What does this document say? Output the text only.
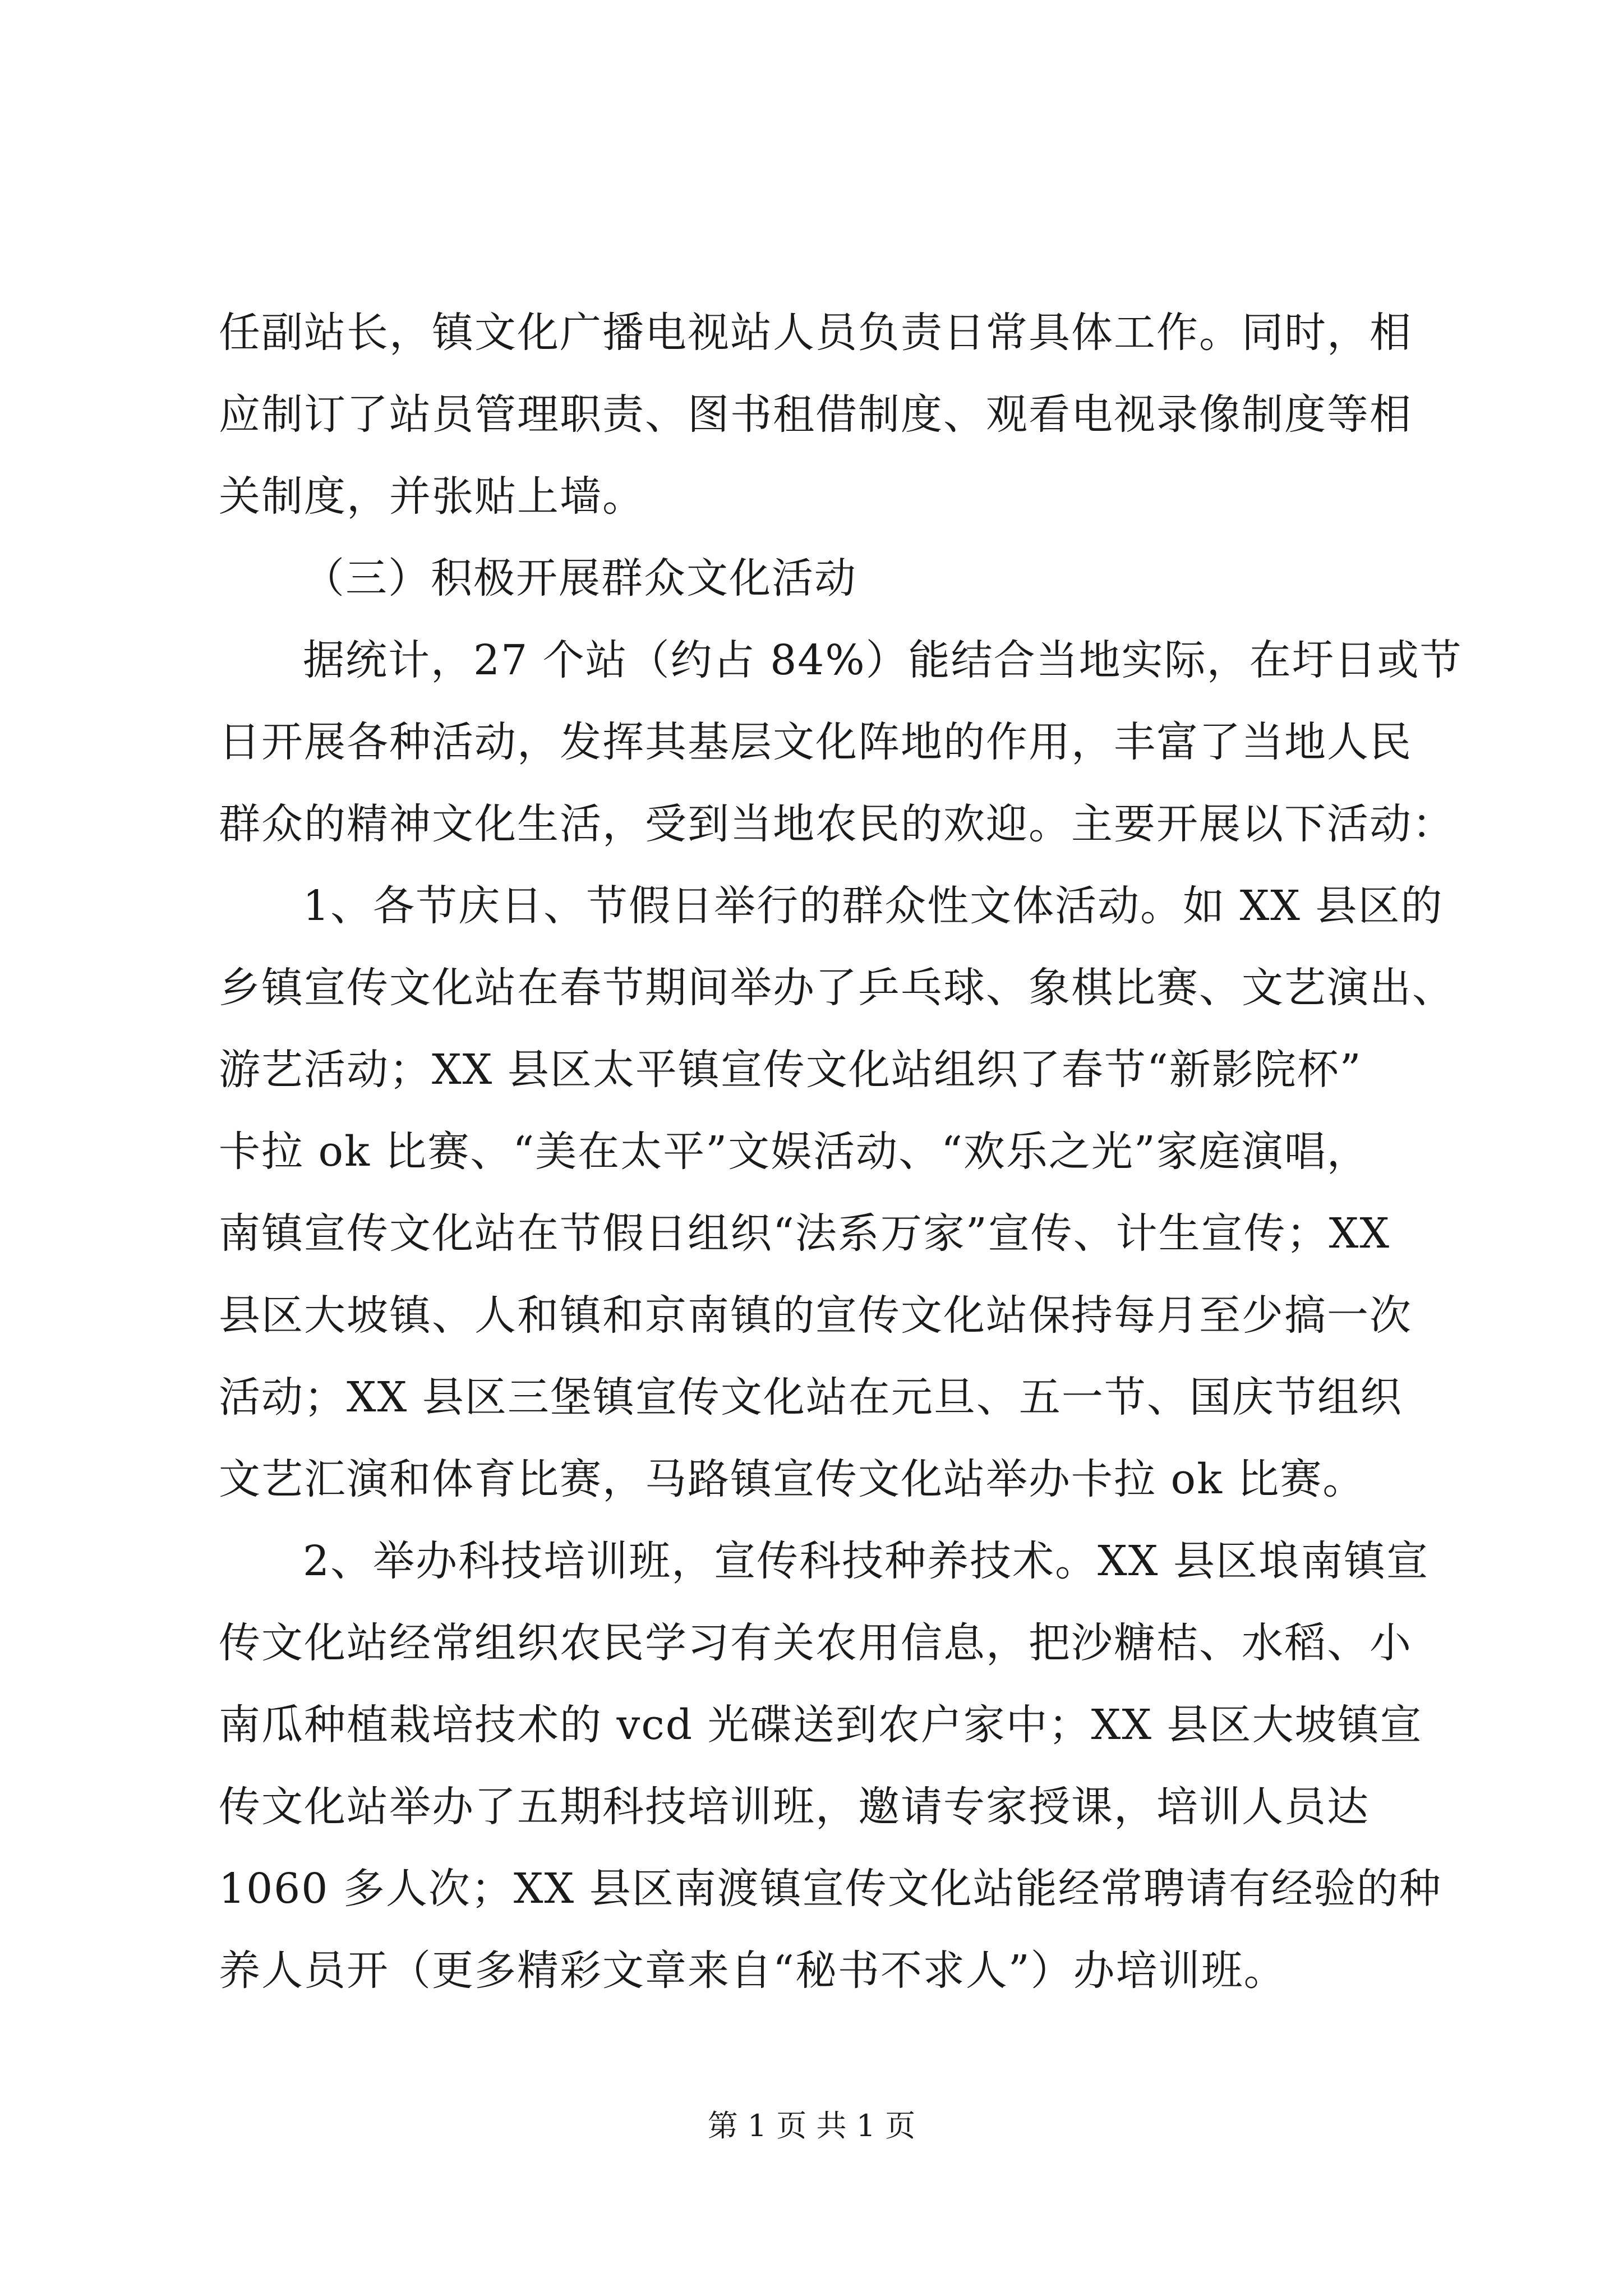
任副站长，镇文化广播电视站人员负责日常具体工作。同时，相
应制订了站员管理职责、图书租借制度、观看电视录像制度等相
关制度，并张贴上墙。
（三）积极开展群众文化活动
据统计，27 个站（约占 84%）能结合当地实际，在圩日或节
日开展各种活动，发挥其基层文化阵地的作用，丰富了当地人民
群众的精神文化生活，受到当地农民的欢迎。主要开展以下活动：
1、各节庆日、节假日举行的群众性文体活动。如 XX 县区的
乡镇宣传文化站在春节期间举办了乒乓球、象棋比赛、文艺演出、
游艺活动；XX 县区太平镇宣传文化站组织了春节“新影院杯”
卡拉 ok 比赛、“美在太平”文娱活动、“欢乐之光”家庭演唱，
南镇宣传文化站在节假日组织“法系万家”宣传、计生宣传；XX
县区大坡镇、人和镇和京南镇的宣传文化站保持每月至少搞一次
活动；XX 县区三堡镇宣传文化站在元旦、五一节、国庆节组织
文艺汇演和体育比赛，马路镇宣传文化站举办卡拉 ok 比赛。
2、举办科技培训班，宣传科技种养技术。XX 县区埌南镇宣
传文化站经常组织农民学习有关农用信息，把沙糖桔、水稻、小
南瓜种植栽培技术的 vcd 光碟送到农户家中；XX 县区大坡镇宣
传文化站举办了五期科技培训班，邀请专家授课，培训人员达
1060 多人次；XX 县区南渡镇宣传文化站能经常聘请有经验的种
养人员开（更多精彩文章来自“秘书不求人”）办培训班。
第 1 页 共 1 页
